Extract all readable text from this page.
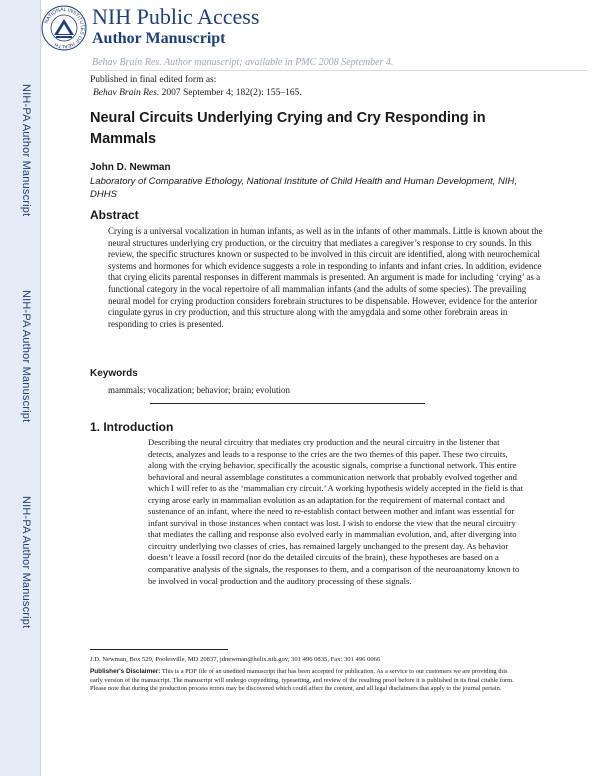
NIH-PA Author Manuscript
NIH-PA Author Manuscript
NIH-PA Author Manuscript
NATIONAL INSTITUTES OF HEALTH
NIH Public Access
Author Manuscript
Behav Brain Res. Author manuscript; available in PMC 2008 September 4.
Published in final edited form as:
Behav Brain Res. 2007 September 4; 182(2): 155–165.
Neural Circuits Underlying Crying and Cry Responding in Mammals
John D. Newman
Laboratory of Comparative Ethology, National Institute of Child Health and Human Development, NIH, DHHS
Abstract
Crying is a universal vocalization in human infants, as well as in the infants of other mammals. Little is known about the neural structures underlying cry production, or the circuitry that mediates a caregiver’s response to cry sounds. In this review, the specific structures known or suspected to be involved in this circuit are identified, along with neurochemical systems and hormones for which evidence suggests a role in responding to infants and infant cries. In addition, evidence that crying elicits parental responses in different mammals is presented. An argument is made for including ‘crying’ as a functional category in the vocal repertoire of all mammalian infants (and the adults of some species). The prevailing neural model for crying production considers forebrain structures to be dispensable. However, evidence for the anterior cingulate gyrus in cry production, and this structure along with the amygdala and some other forebrain areas in responding to cries is presented.
Keywords
mammals; vocalization; behavior; brain; evolution
1. Introduction
Describing the neural circuitry that mediates cry production and the neural circuitry in the listener that detects, analyzes and leads to a response to the cries are the two themes of this paper. These two circuits, along with the crying behavior, specifically the acoustic signals, comprise a functional network. This entire behavioral and neural assemblage constitutes a communication network that probably evolved together and which I will refer to as the ‘mammalian cry circuit.’ A working hypothesis widely accepted in the field is that crying arose early in mammalian evolution as an adaptation for the requirement of maternal contact and sustenance of an infant, where the need to re-establish contact between mother and infant was essential for infant survival in those instances when contact was lost. I wish to endorse the view that the neural circuitry that mediates the calling and response also evolved early in mammalian evolution, and, after diverging into circuitry underlying two classes of cries, has remained largely unchanged to the present day. As behavior doesn’t leave a fossil record (nor do the detailed circuits of the brain), these hypotheses are based on a comparative analysis of the signals, the responses to them, and a comparison of the neuroanatomy known to be involved in vocal production and the auditory processing of these signals.
J.D. Newman, Box 529, Poolesville, MD 20837, jdnewman@helix.nih.gov, 301 496 0835, Fax: 301 496 0066
Publisher's Disclaimer: This is a PDF file of an unedited manuscript that has been accepted for publication. As a service to our customers we are providing this early version of the manuscript. The manuscript will undergo copyediting, typesetting, and review of the resulting proof before it is published in its final citable form. Please note that during the production process errors may be discovered which could affect the content, and all legal disclaimers that apply to the journal pertain.
